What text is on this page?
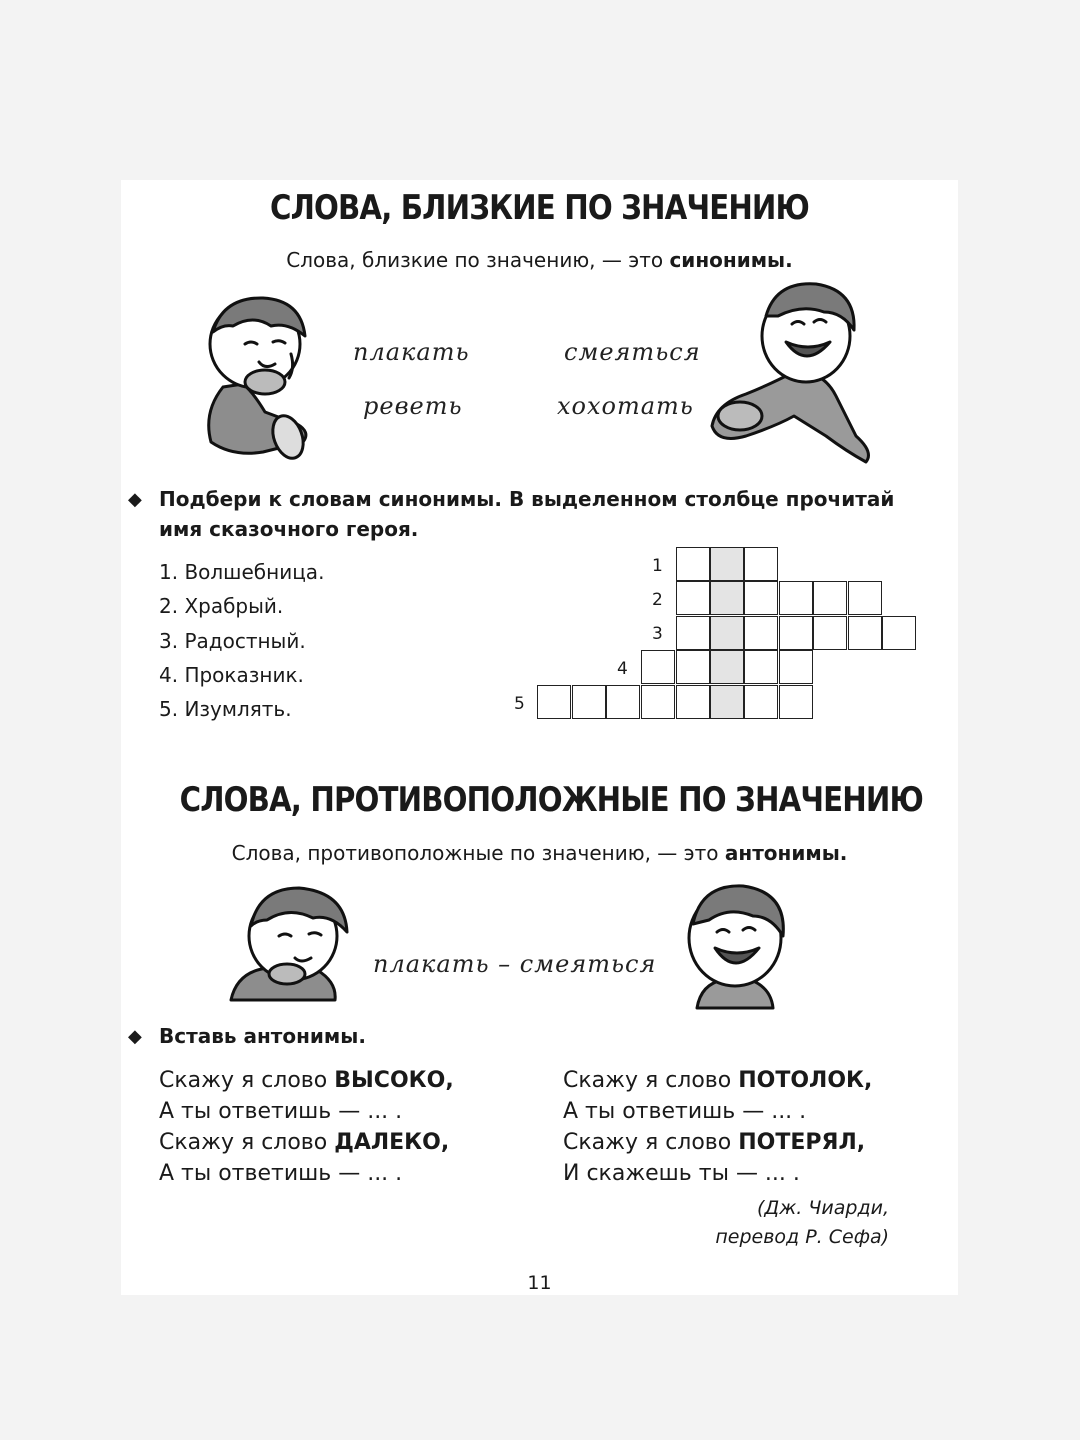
СЛОВА, БЛИЗКИЕ ПО ЗНАЧЕНИЮ
Слова, близкие по значению, — это синонимы.
плакать	смеяться
реветь	хохотать
◆ Подбери к словам синонимы. В выделенном столбце прочитай имя сказочного героя.
1. Волшебница.
2. Храбрый.
3. Радостный.
4. Проказник.
5. Изумлять.
1
2
3
4
5
СЛОВА, ПРОТИВОПОЛОЖНЫЕ ПО ЗНАЧЕНИЮ
Слова, противоположные по значению, — это антонимы.
плакать – смеяться
◆ Вставь антонимы.
Скажу я слово ВЫСОКО,
А ты ответишь — ... .
Скажу я слово ДАЛЕКО,
А ты ответишь — ... .
Скажу я слово ПОТОЛОК,
А ты ответишь — ... .
Скажу я слово ПОТЕРЯЛ,
И скажешь ты — ... .
(Дж. Чиарди,
перевод Р. Сефа)
11
